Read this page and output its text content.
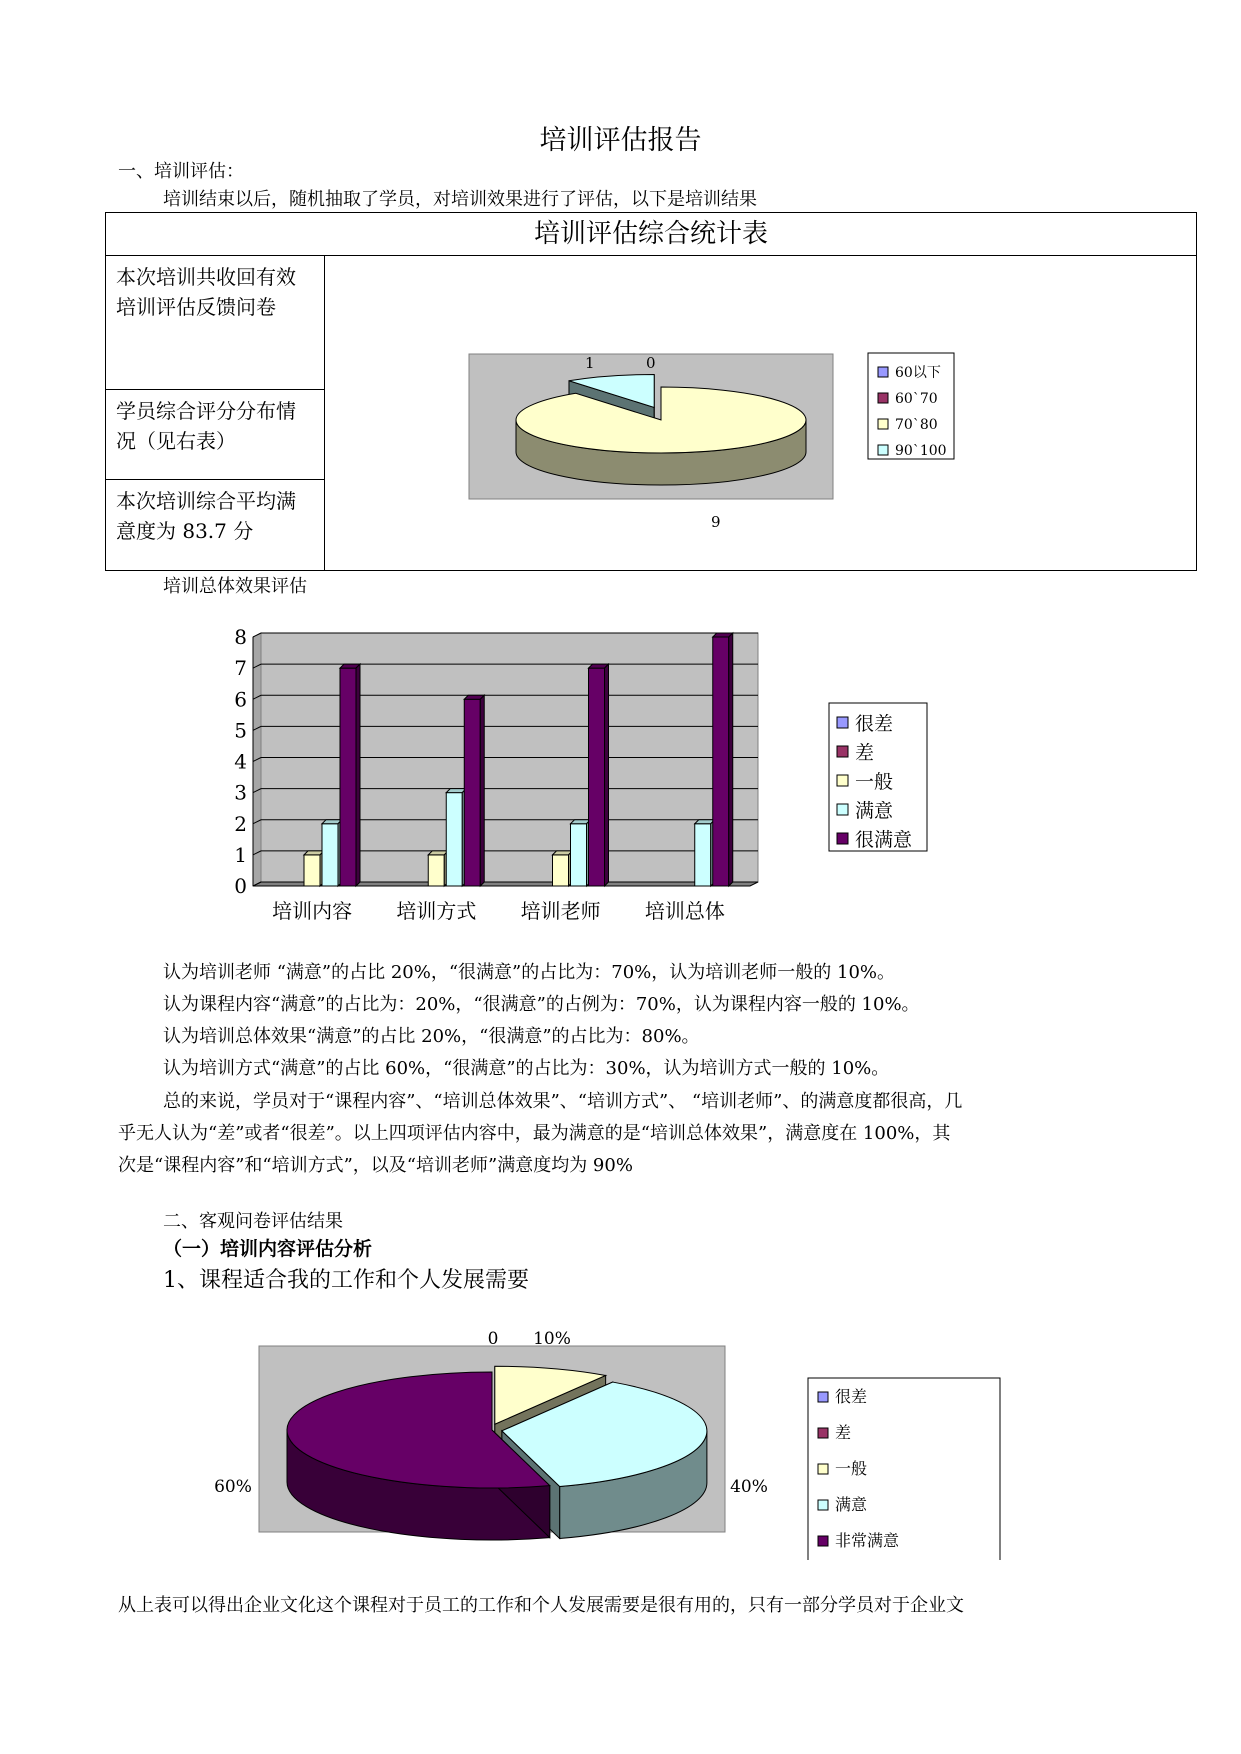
培训评估报告
一、培训评估：
培训结束以后，随机抽取了学员，对培训效果进行了评估，以下是培训结果
培训评估综合统计表
本次培训共收回有效培训评估反馈问卷	
1	0
9
60以下
60`70
70`80
90`100

学员综合评分分布情况（见右表）
本次培训综合平均满意度为 83.7 分
培训总体效果评估
0
1
2
3
4
5
6
7
8
培训内容 培训方式 培训老师 培训总体
很差
差
一般
满意
很满意
认为培训老师 “满意”的占比 20%，“很满意”的占比为：70%，认为培训老师一般的 10%。
认为课程内容“满意”的占比为：20%，“很满意”的占例为：70%，认为课程内容一般的 10%。
认为培训总体效果“满意”的占比 20%，“很满意”的占比为：80%。
认为培训方式“满意”的占比 60%，“很满意”的占比为：30%，认为培训方式一般的 10%。
总的来说，学员对于“课程内容”、“培训总体效果”、“培训方式”、 “培训老师”、的满意度都很高，几
乎无人认为“差”或者“很差”。以上四项评估内容中，最为满意的是“培训总体效果”，满意度在 100%，其
次是“课程内容”和“培训方式”，以及“培训老师”满意度均为 90%
二、客观问卷评估结果
（一）培训内容评估分析
1、课程适合我的工作和个人发展需要
0 10%
40%
60%
很差
差
一般
满意
非常满意
从上表可以得出企业文化这个课程对于员工的工作和个人发展需要是很有用的，只有一部分学员对于企业文
